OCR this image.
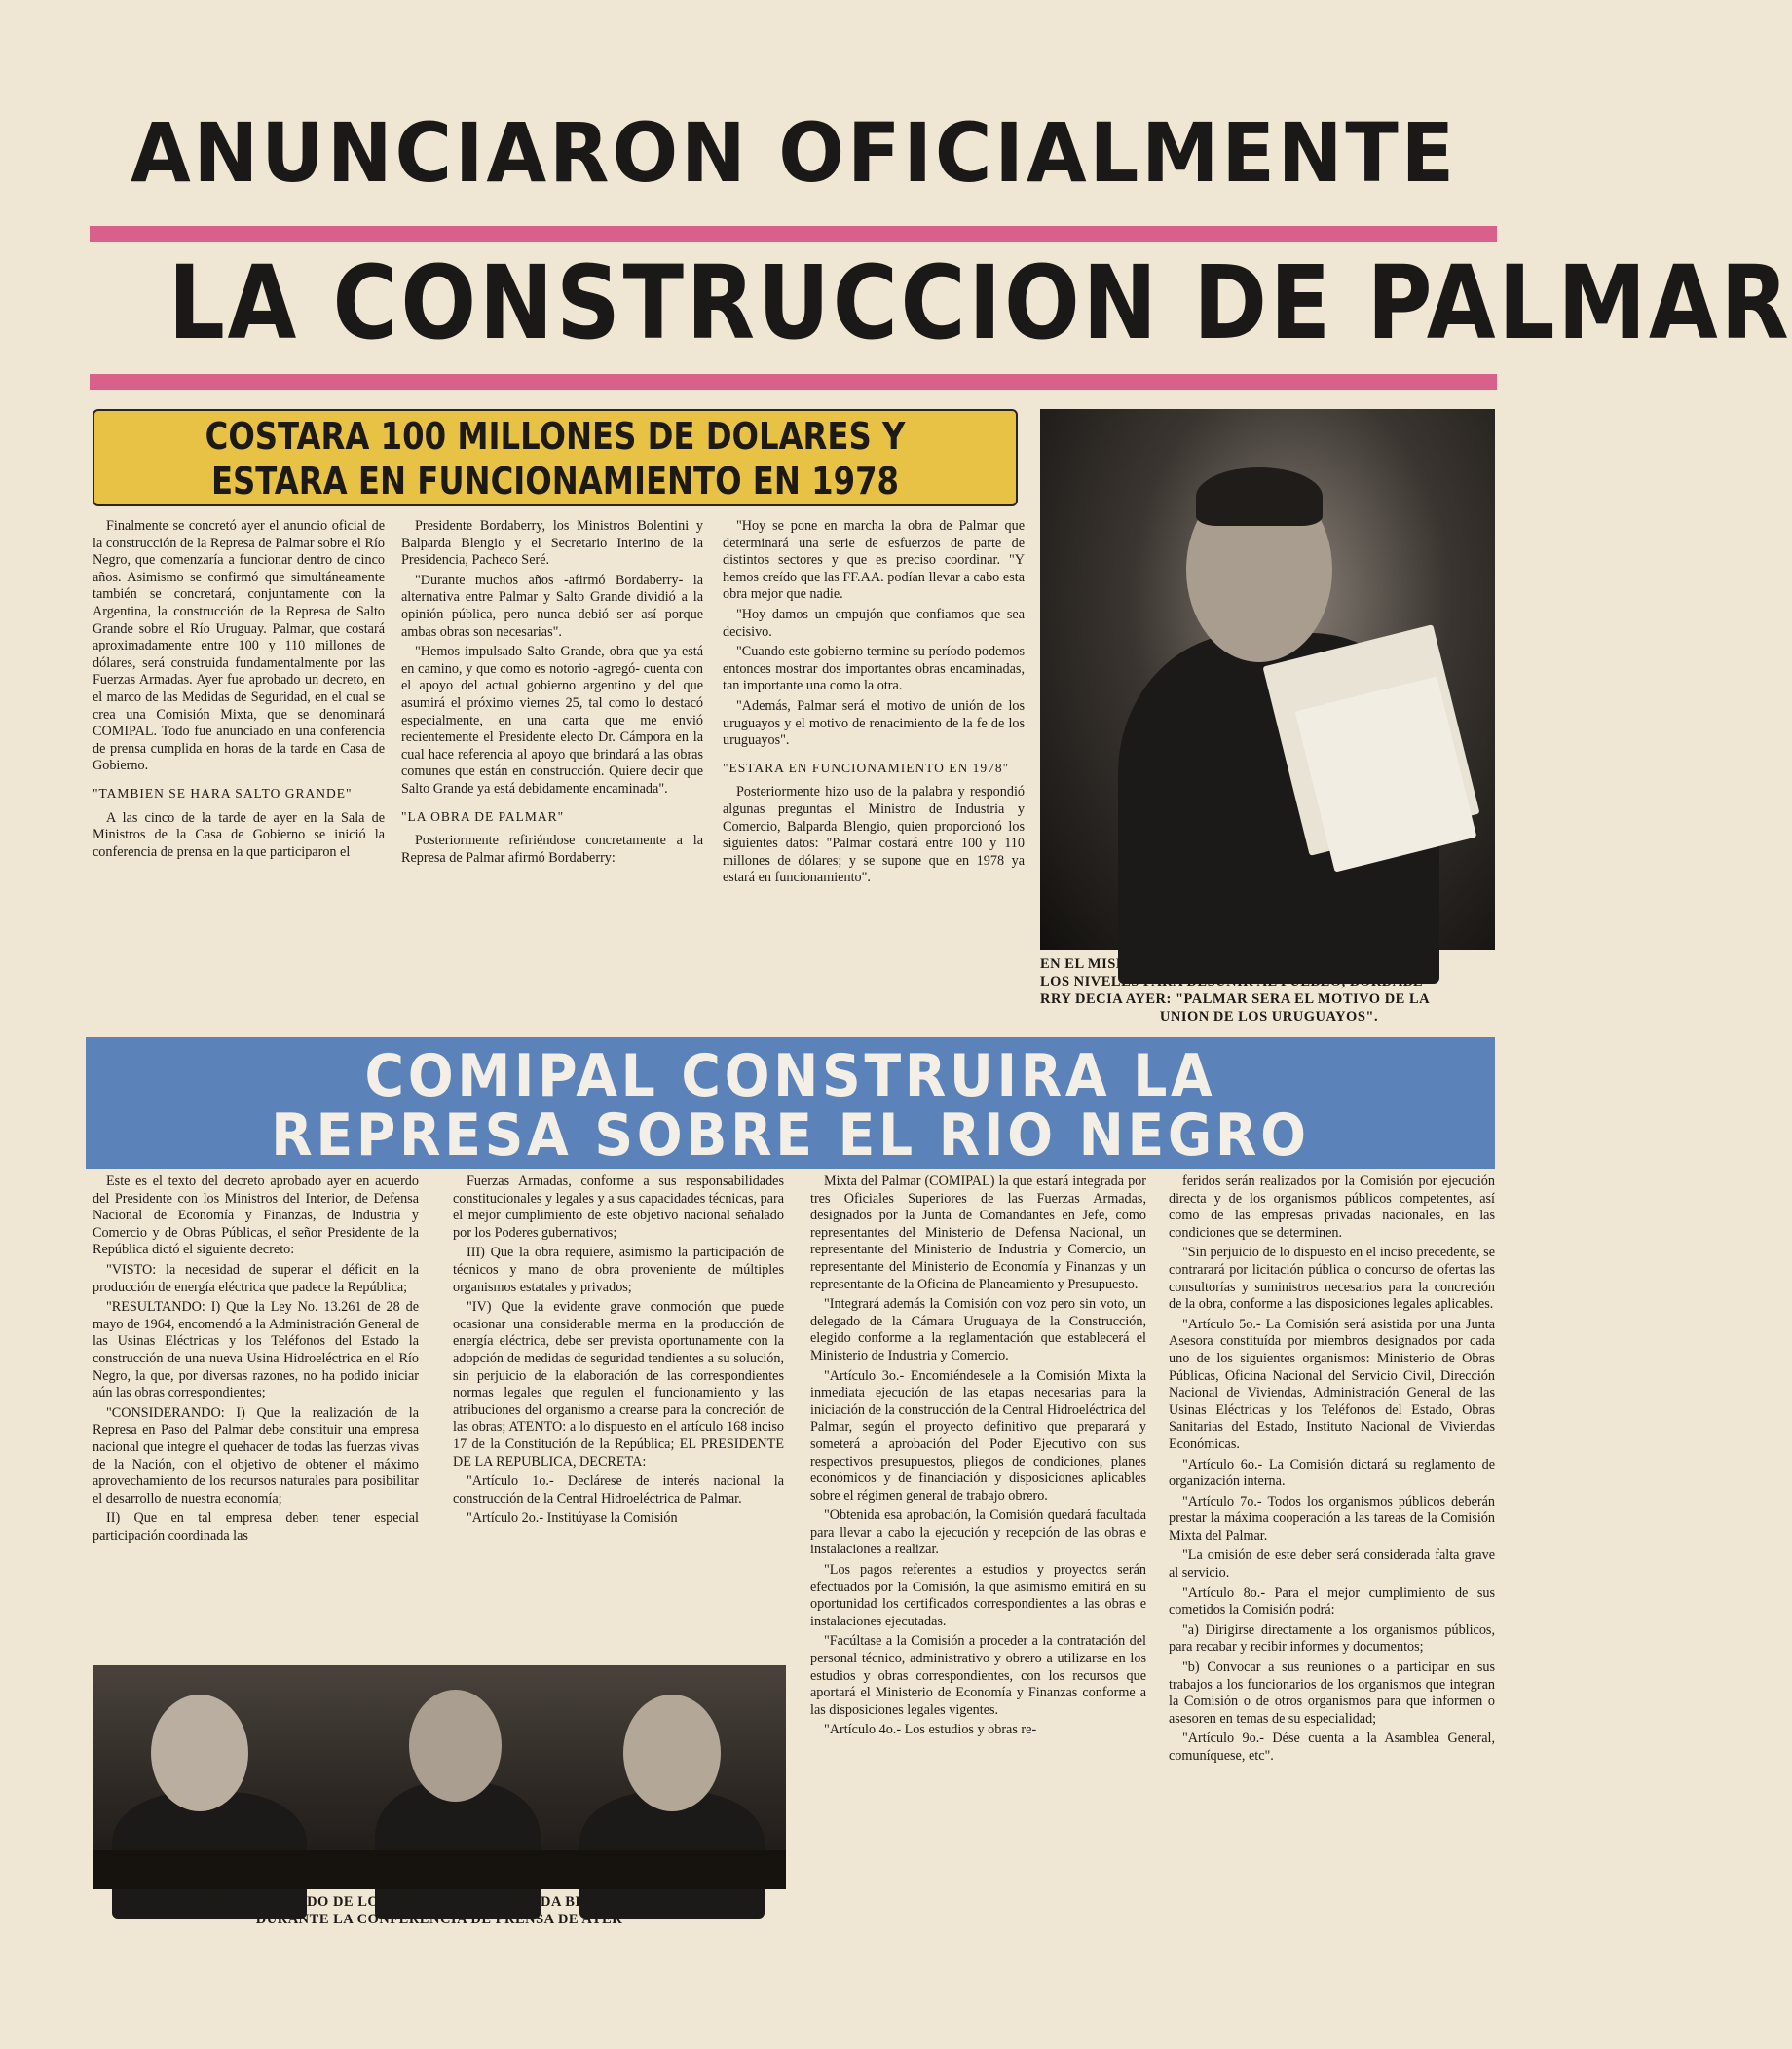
ANUNCIARON OFICIALMENTE
LA CONSTRUCCION DE PALMAR
COSTARA 100 MILLONES DE DOLARES Y
ESTARA EN FUNCIONAMIENTO EN 1978

Finalmente se concretó ayer el anuncio oficial de la construcción de la Represa de Palmar sobre el Río Negro, que comenzaría a funcionar dentro de cinco años. Asimismo se confirmó que simultáneamente también se concretará, conjuntamente con la Argentina, la construcción de la Represa de Salto Grande sobre el Río Uruguay. Palmar, que costará aproximadamente entre 100 y 110 millones de dólares, será construida fundamentalmente por las Fuerzas Armadas. Ayer fue aprobado un decreto, en el marco de las Medidas de Seguridad, en el cual se crea una Comisión Mixta, que se denominará COMIPAL. Todo fue anunciado en una conferencia de prensa cumplida en horas de la tarde en Casa de Gobierno.

"TAMBIEN SE HARA SALTO GRANDE"

A las cinco de la tarde de ayer en la Sala de Ministros de la Casa de Gobierno se inició la conferencia de prensa en la que participaron el

Presidente Bordaberry, los Ministros Bolentini y Balparda Blengio y el Secretario Interino de la Presidencia, Pacheco Seré.

"Durante muchos años -afirmó Bordaberry- la alternativa entre Palmar y Salto Grande dividió a la opinión pública, pero nunca debió ser así porque ambas obras son necesarias".

"Hemos impulsado Salto Grande, obra que ya está en camino, y que como es notorio -agregó- cuenta con el apoyo del actual gobierno argentino y del que asumirá el próximo viernes 25, tal como lo destacó especialmente, en una carta que me envió recientemente el Presidente electo Dr. Cámpora en la cual hace referencia al apoyo que brindará a las obras comunes que están en construcción. Quiere decir que Salto Grande ya está debidamente encaminada".

"LA OBRA DE PALMAR"

Posteriormente refiriéndose concretamente a la Represa de Palmar afirmó Bordaberry:

"Hoy se pone en marcha la obra de Palmar que determinará una serie de esfuerzos de parte de distintos sectores y que es preciso coordinar. "Y hemos creído que las FF.AA. podían llevar a cabo esta obra mejor que nadie.

"Hoy damos un empujón que confiamos que sea decisivo.

"Cuando este gobierno termine su período podemos entonces mostrar dos importantes obras encaminadas, tan importante una como la otra.

"Además, Palmar será el motivo de unión de los uruguayos y el motivo de renacimiento de la fe de los uruguayos".

"ESTARA EN FUNCIONAMIENTO EN 1978"

Posteriormente hizo uso de la palabra y respondió algunas preguntas el Ministro de Industria y Comercio, Balparda Blengio, quien proporcionó los siguientes datos: "Palmar costará entre 100 y 110 millones de dólares; y se supone que en 1978 ya estará en funcionamiento".

EN EL MISMO MOMENTO QUE MANIOBRABA A TODOS
LOS NIVELES PARA DESUNIR AL PUEBLO, BORDABE-
RRY DECIA AYER: "PALMAR SERA EL MOTIVO DE LA
UNION DE LOS URUGUAYOS".
COMIPAL CONSTRUIRA LA
REPRESA SOBRE EL RIO NEGRO

Este es el texto del decreto aprobado ayer en acuerdo del Presidente con los Ministros del Interior, de Defensa Nacional de Economía y Finanzas, de Industria y Comercio y de Obras Públicas, el señor Presidente de la República dictó el siguiente decreto:

"VISTO: la necesidad de superar el déficit en la producción de energía eléctrica que padece la República;

"RESULTANDO: I) Que la Ley No. 13.261 de 28 de mayo de 1964, encomendó a la Administración General de las Usinas Eléctricas y los Teléfonos del Estado la construcción de una nueva Usina Hidroeléctrica en el Río Negro, la que, por diversas razones, no ha podido iniciar aún las obras correspondientes;

"CONSIDERANDO: I) Que la realización de la Represa en Paso del Palmar debe constituir una empresa nacional que integre el quehacer de todas las fuerzas vivas de la Nación, con el objetivo de obtener el máximo aprovechamiento de los recursos naturales para posibilitar el desarrollo de nuestra economía;

II) Que en tal empresa deben tener especial participación coordinada las

Fuerzas Armadas, conforme a sus responsabilidades constitucionales y legales y a sus capacidades técnicas, para el mejor cumplimiento de este objetivo nacional señalado por los Poderes gubernativos;

III) Que la obra requiere, asimismo la participación de técnicos y mano de obra proveniente de múltiples organismos estatales y privados;

"IV) Que la evidente grave conmoción que puede ocasionar una considerable merma en la producción de energía eléctrica, debe ser prevista oportunamente con la adopción de medidas de seguridad tendientes a su solución, sin perjuicio de la elaboración de las correspondientes normas legales que regulen el funcionamiento y las atribuciones del organismo a crearse para la concreción de las obras; ATENTO: a lo dispuesto en el artículo 168 inciso 17 de la Constitución de la República; EL PRESIDENTE DE LA REPUBLICA, DECRETA:

"Artículo 1o.- Declárese de interés nacional la construcción de la Central Hidroeléctrica de Palmar.

"Artículo 2o.- Institúyase la Comisión

Mixta del Palmar (COMIPAL) la que estará integrada por tres Oficiales Superiores de las Fuerzas Armadas, designados por la Junta de Comandantes en Jefe, como representantes del Ministerio de Defensa Nacional, un representante del Ministerio de Industria y Comercio, un representante del Ministerio de Economía y Finanzas y un representante de la Oficina de Planeamiento y Presupuesto.

"Integrará además la Comisión con voz pero sin voto, un delegado de la Cámara Uruguaya de la Construcción, elegido conforme a la reglamentación que establecerá el Ministerio de Industria y Comercio.

"Artículo 3o.- Encomiéndesele a la Comisión Mixta la inmediata ejecución de las etapas necesarias para la iniciación de la construcción de la Central Hidroeléctrica del Palmar, según el proyecto definitivo que preparará y someterá a aprobación del Poder Ejecutivo con sus respectivos presupuestos, pliegos de condiciones, planes económicos y de financiación y disposiciones aplicables sobre el régimen general de trabajo obrero.

"Obtenida esa aprobación, la Comisión quedará facultada para llevar a cabo la ejecución y recepción de las obras e instalaciones a realizar.

"Los pagos referentes a estudios y proyectos serán efectuados por la Comisión, la que asimismo emitirá en su oportunidad los certificados correspondientes a las obras e instalaciones ejecutadas.

"Facúltase a la Comisión a proceder a la contratación del personal técnico, administrativo y obrero a utilizarse en los estudios y obras correspondientes, con los recursos que aportará el Ministerio de Economía y Finanzas conforme a las disposiciones legales vigentes.

"Artículo 4o.- Los estudios y obras re-

feridos serán realizados por la Comisión por ejecución directa y de los organismos públicos competentes, así como de las empresas privadas nacionales, en las condiciones que se determinen.

"Sin perjuicio de lo dispuesto en el inciso precedente, se contrarará por licitación pública o concurso de ofertas las consultorías y suministros necesarios para la concreción de la obra, conforme a las disposiciones legales aplicables.

"Artículo 5o.- La Comisión será asistida por una Junta Asesora constituída por miembros designados por cada uno de los siguientes organismos: Ministerio de Obras Públicas, Oficina Nacional del Servicio Civil, Dirección Nacional de Viviendas, Administración General de las Usinas Eléctricas y los Teléfonos del Estado, Obras Sanitarias del Estado, Instituto Nacional de Viviendas Económicas.

"Artículo 6o.- La Comisión dictará su reglamento de organización interna.

"Artículo 7o.- Todos los organismos públicos deberán prestar la máxima cooperación a las tareas de la Comisión Mixta del Palmar.

"La omisión de este deber será considerada falta grave al servicio.

"Artículo 8o.- Para el mejor cumplimiento de sus cometidos la Comisión podrá:

"a) Dirigirse directamente a los organismos públicos, para recabar y recibir informes y documentos;

"b) Convocar a sus reuniones o a participar en sus trabajos a los funcionarios de los organismos que integran la Comisión o de otros organismos para que informen o asesoren en temas de su especialidad;

"Artículo 9o.- Dése cuenta a la Asamblea General, comuníquese, etc".

BORDABERRY, RODEADO DE LOS MINISTROS BALPARDA BLENGIO Y BOLENTINI
DURANTE LA CONFERENCIA DE PRENSA DE AYER
